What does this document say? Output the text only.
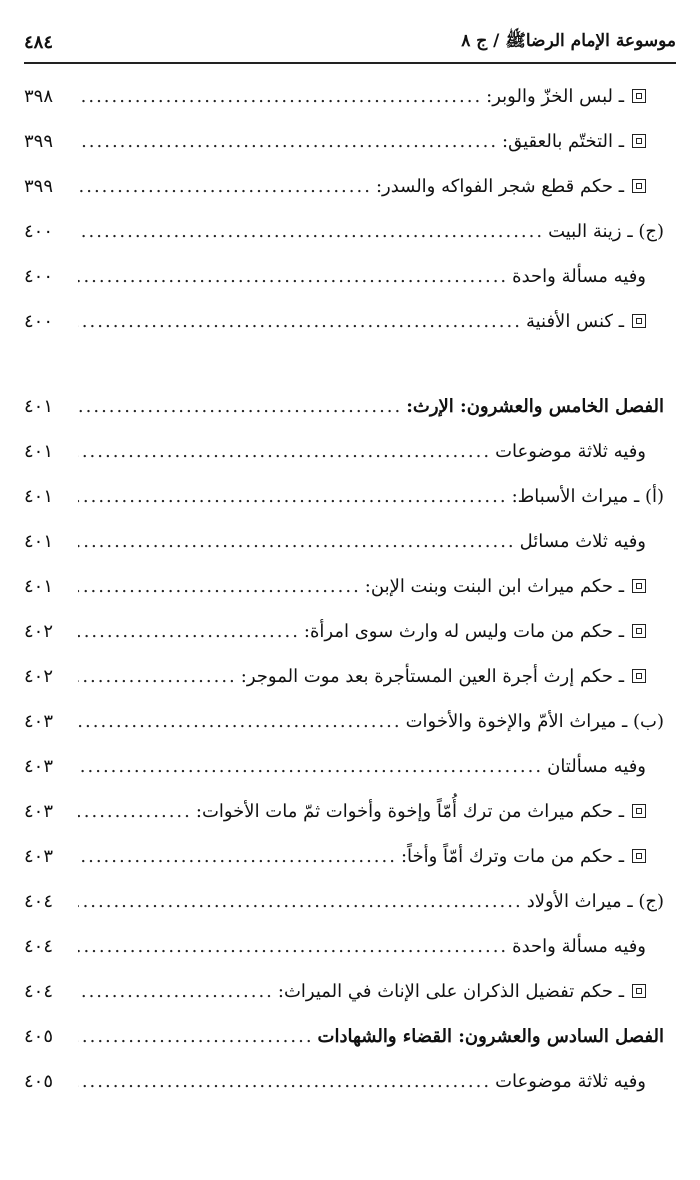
موسوعة الإمام الرضاﷺ / ج ٨
٤٨٤
ـ لبس الخزّ والوبر:
.....
٣٩٨
ـ التختّم بالعقيق:
.....
٣٩٩
ـ حكم قطع شجر الفواكه والسدر:
.....
٣٩٩
(ج) ـ زينة البيت
.....
٤٠٠
وفيه مسألة واحدة
.....
٤٠٠
ـ كنس الأفنية
.....
٤٠٠
الفصل الخامس والعشرون: الإرث:
.....
٤٠١
وفيه ثلاثة موضوعات
.....
٤٠١
(أ) ـ ميراث الأسباط:
.....
٤٠١
وفيه ثلاث مسائل
.....
٤٠١
ـ حكم ميراث ابن البنت وبنت الإبن:
.....
٤٠١
ـ حكم من مات وليس له وارث سوى امرأة:
.....
٤٠٢
ـ حكم إرث أجرة العين المستأجرة بعد موت الموجر:
.....
٤٠٢
(ب) ـ ميراث الأمّ والإخوة والأخوات
.....
٤٠٣
وفيه مسألتان
.....
٤٠٣
ـ حكم ميراث من ترك أُمّاً وإخوة وأخوات ثمّ مات الأخوات:
.....
٤٠٣
ـ حكم من مات وترك أمّاً وأخاً:
.....
٤٠٣
(ج) ـ ميراث الأولاد
.....
٤٠٤
وفيه مسألة واحدة
.....
٤٠٤
ـ حكم تفضيل الذكران على الإناث في الميراث:
.....
٤٠٤
الفصل السادس والعشرون: القضاء والشهادات
.....
٤٠٥
وفيه ثلاثة موضوعات
.....
٤٠٥
